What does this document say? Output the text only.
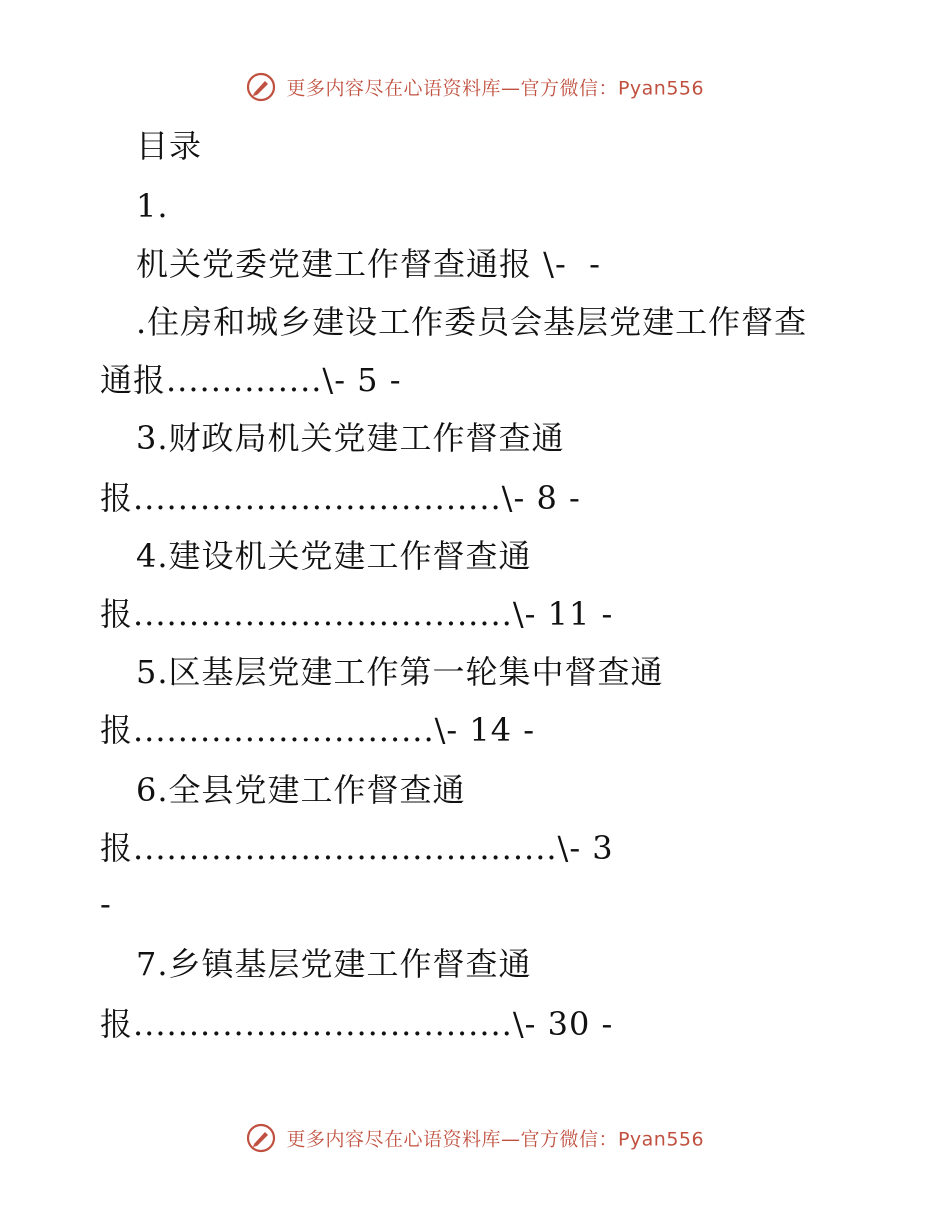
更多内容尽在心语资料库—官方微信：Pyan556
目录
1.
机关党委党建工作督查通报 \-  -
.住房和城乡建设工作委员会基层党建工作督查
通报..............\- 5 -
3.财政局机关党建工作督查通
报.................................\- 8 -
4.建设机关党建工作督查通
报..................................\- 11 -
5.区基层党建工作第一轮集中督查通
报...........................\- 14 -
6.全县党建工作督查通
报......................................\- 3
-
7.乡镇基层党建工作督查通
报..................................\- 30 -
更多内容尽在心语资料库—官方微信：Pyan556
